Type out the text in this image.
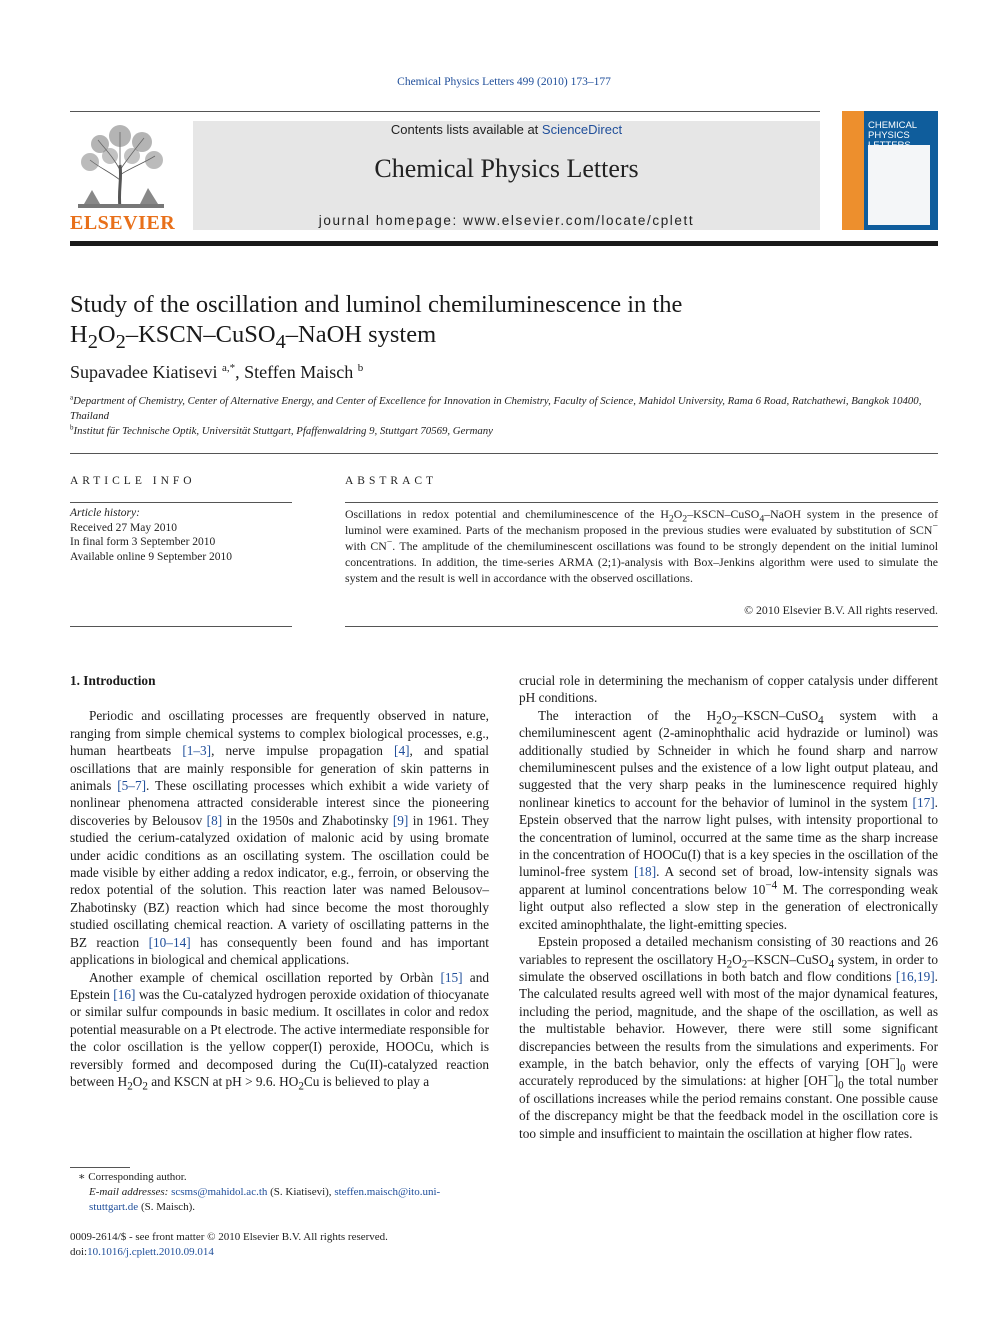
Chemical Physics Letters 499 (2010) 173–177
ELSEVIER
Contents lists available at ScienceDirect
Chemical Physics Letters
journal homepage: www.elsevier.com/locate/cplett
CHEMICAL
PHYSICS
Study of the oscillation and luminol chemiluminescence in the
$H_2O_2-KSCN-CuSO_4$–NaOH system
Supavadee Kiatisevi $^{a,*}$, Steffen Maisch $^b$
$^a$Department of Chemistry, Center of Alternative Energy, and Center of Excellence for Innovation in Chemistry, Faculty of Science, Mahidol University, Rama 6 Road, Ratchathewi, Bangkok 10400, Thailand
$^b$Institut für Technische Optik, Universität Stuttgart, Pfaffenwaldring 9, Stuttgart 70569, Germany
ARTICLE INFO
Article history:
Received 27 May 2010
In final form 3 September 2010
Available online 9 September 2010
ABSTRACT
Oscillations in redox potential and chemiluminescence of the $H_2O_2-KSCN-CuSO_4$–NaOH system in the presence of luminol were examined. Parts of the mechanism proposed in the previous studies were evaluated by substitution of SCN− with CN−. The amplitude of the chemiluminescent oscillations was found to be strongly dependent on the initial luminol concentrations. In addition, the time-series ARMA (2;1)-analysis with Box–Jenkins algorithm were used to simulate the system and the result is well in accordance with the observed oscillations.
© 2010 Elsevier B.V. All rights reserved.
1. Introduction

Periodic and oscillating processes are frequently observed in nature, ranging from simple chemical systems to complex biological processes, e.g., human heartbeats [1–3], nerve impulse propagation [4], and spatial oscillations that are mainly responsible for generation of skin patterns in animals [5–7]. These oscillating processes which exhibit a wide variety of nonlinear phenomena attracted considerable interest since the pioneering discoveries by Belousov [8] in the 1950s and Zhabotinsky [9] in 1961. They studied the cerium-catalyzed oxidation of malonic acid by using bromate under acidic conditions as an oscillating system. The oscillation could be made visible by either adding a redox indicator, e.g., ferroin, or observing the redox potential of the solution. This reaction later was named Belousov–Zhabotinsky (BZ) reaction which had since become the most thoroughly studied oscillating chemical reaction. A variety of oscillating patterns in the BZ reaction [10–14] has consequently been found and has important applications in biological and chemical applications.

Another example of chemical oscillation reported by Orbàn [15] and Epstein [16] was the Cu-catalyzed hydrogen peroxide oxidation of thiocyanate or similar sulfur compounds in basic medium. It oscillates in color and redox potential measurable on a Pt electrode. The active intermediate responsible for the color oscillation is the yellow copper(I) peroxide, HOOCu, which is reversibly formed and decomposed during the Cu(II)-catalyzed reaction between $H_2O_2$ and KSCN at pH > 9.6. $HO_2Cu$ is believed to play a

crucial role in determining the mechanism of copper catalysis under different pH conditions.

The interaction of the $H_2O_2-KSCN-CuSO_4$ system with a chemiluminescent agent (2-aminophthalic acid hydrazide or luminol) was additionally studied by Schneider in which he found sharp and narrow chemiluminescent pulses and the existence of a low light output plateau, and suggested that the very sharp peaks in the luminescence required highly nonlinear kinetics to account for the behavior of luminol in the system [17]. Epstein observed that the narrow light pulses, with intensity proportional to the concentration of luminol, occurred at the same time as the sharp increase in the concentration of HOOCu(I) that is a key species in the oscillation of the luminol-free system [18]. A second set of broad, low-intensity signals was apparent at luminol concentrations below $10^{-4}$ M. The corresponding weak light output also reflected a slow step in the generation of electronically excited aminophthalate, the light-emitting species.

Epstein proposed a detailed mechanism consisting of 30 reactions and 26 variables to represent the oscillatory $H_2O_2-KSCN-CuSO_4$ system, in order to simulate the observed oscillations in both batch and flow conditions [16,19]. The calculated results agreed well with most of the major dynamical features, including the period, magnitude, and the shape of the oscillation, as well as the multistable behavior. However, there were still some significant discrepancies between the results from the simulations and experiments. For example, in the batch behavior, only the effects of varying $[OH^-]_0$ were accurately reproduced by the simulations: at higher $[OH^-]_0$ the total number of oscillations increases while the period remains constant. One possible cause of the discrepancy might be that the feedback model in the oscillation core is too simple and insufficient to maintain the oscillation at higher flow rates.

∗ Corresponding author.
E-mail addresses: scsms@mahidol.ac.th (S. Kiatisevi), steffen.maisch@ito.uni-stuttgart.de (S. Maisch).
0009-2614/$ - see front matter © 2010 Elsevier B.V. All rights reserved.
doi:10.1016/j.cplett.2010.09.014
